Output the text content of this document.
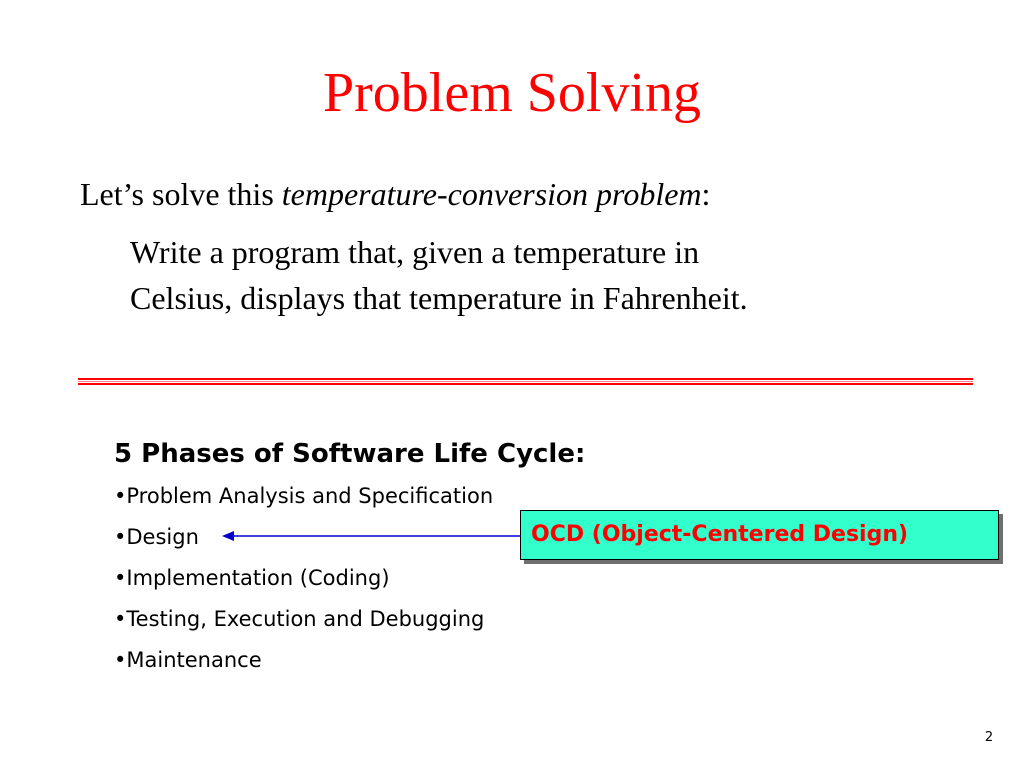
Problem Solving
Let’s solve this temperature-conversion problem:
Write a program that, given a temperature in
Celsius, displays that temperature in Fahrenheit.
5 Phases of Software Life Cycle:
•Problem Analysis and Specification
•Design
•Implementation (Coding)
•Testing, Execution and Debugging
•Maintenance
OCD (Object-Centered Design)
2
